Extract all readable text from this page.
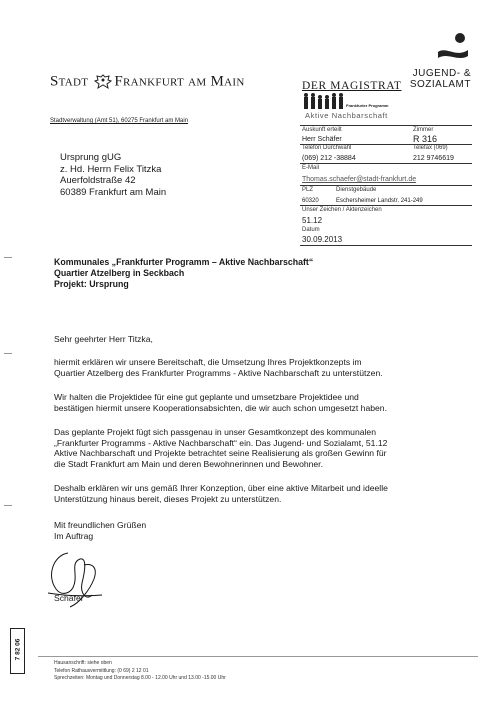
STADT FRANKFURT AM MAIN	DER MAGISTRAT
Frankfurter Programm
Aktive Nachbarschaft
JUGEND- &
SOZIALAMT
Stadtverwaltung (Amt 51), 60275 Frankfurt am Main
Auskunft erteilt	Zimmer
Herr Schäfer	R 316
Telefon Durchwahl	Telefax (069)
(069) 212 -38884	212 9746619
E-Mail
Thomas.schaefer@stadt-frankfurt.de
PLZ	Dienstgebäude
60320	Eschersheimer Landstr. 241-249
Unser Zeichen / Aktenzeichen
51.12
Datum
30.09.2013
Ursprung gUG
z. Hd. Herrn Felix Titzka
Auerfoldstraße 42
60389 Frankfurt am Main
Kommunales „Frankfurter Programm – Aktive Nachbarschaft“
Quartier Atzelberg in Seckbach
Projekt: Ursprung
Sehr geehrter Herr Titzka,
hiermit erklären wir unsere Bereitschaft, die Umsetzung Ihres Projektkonzepts im
Quartier Atzelberg des Frankfurter Programms - Aktive Nachbarschaft zu unterstützen.
Wir halten die Projektidee für eine gut geplante und umsetzbare Projektidee und
bestätigen hiermit unsere Kooperationsabsichten, die wir auch schon umgesetzt haben.
Das geplante Projekt fügt sich passgenau in unser Gesamtkonzept des kommunalen
„Frankfurter Programms - Aktive Nachbarschaft“ ein. Das Jugend- und Sozialamt, 51.12
Aktive Nachbarschaft und Projekte betrachtet seine Realisierung als großen Gewinn für
die Stadt Frankfurt am Main und deren Bewohnerinnen und Bewohner.
Deshalb erklären wir uns gemäß Ihrer Konzeption, über eine aktive Mitarbeit und ideelle
Unterstützung hinaus bereit, dieses Projekt zu unterstützen.
Mit freundlichen Grüßen
Im Auftrag
Schäfer
Hausanschrift: siehe oben
Telefon Rathausvermittlung: (0 69) 2 12 01
Sprechzeiten: Montag und Donnerstag 8.00 - 12.00 Uhr und 13.00 -15.00 Uhr
7 82 06
